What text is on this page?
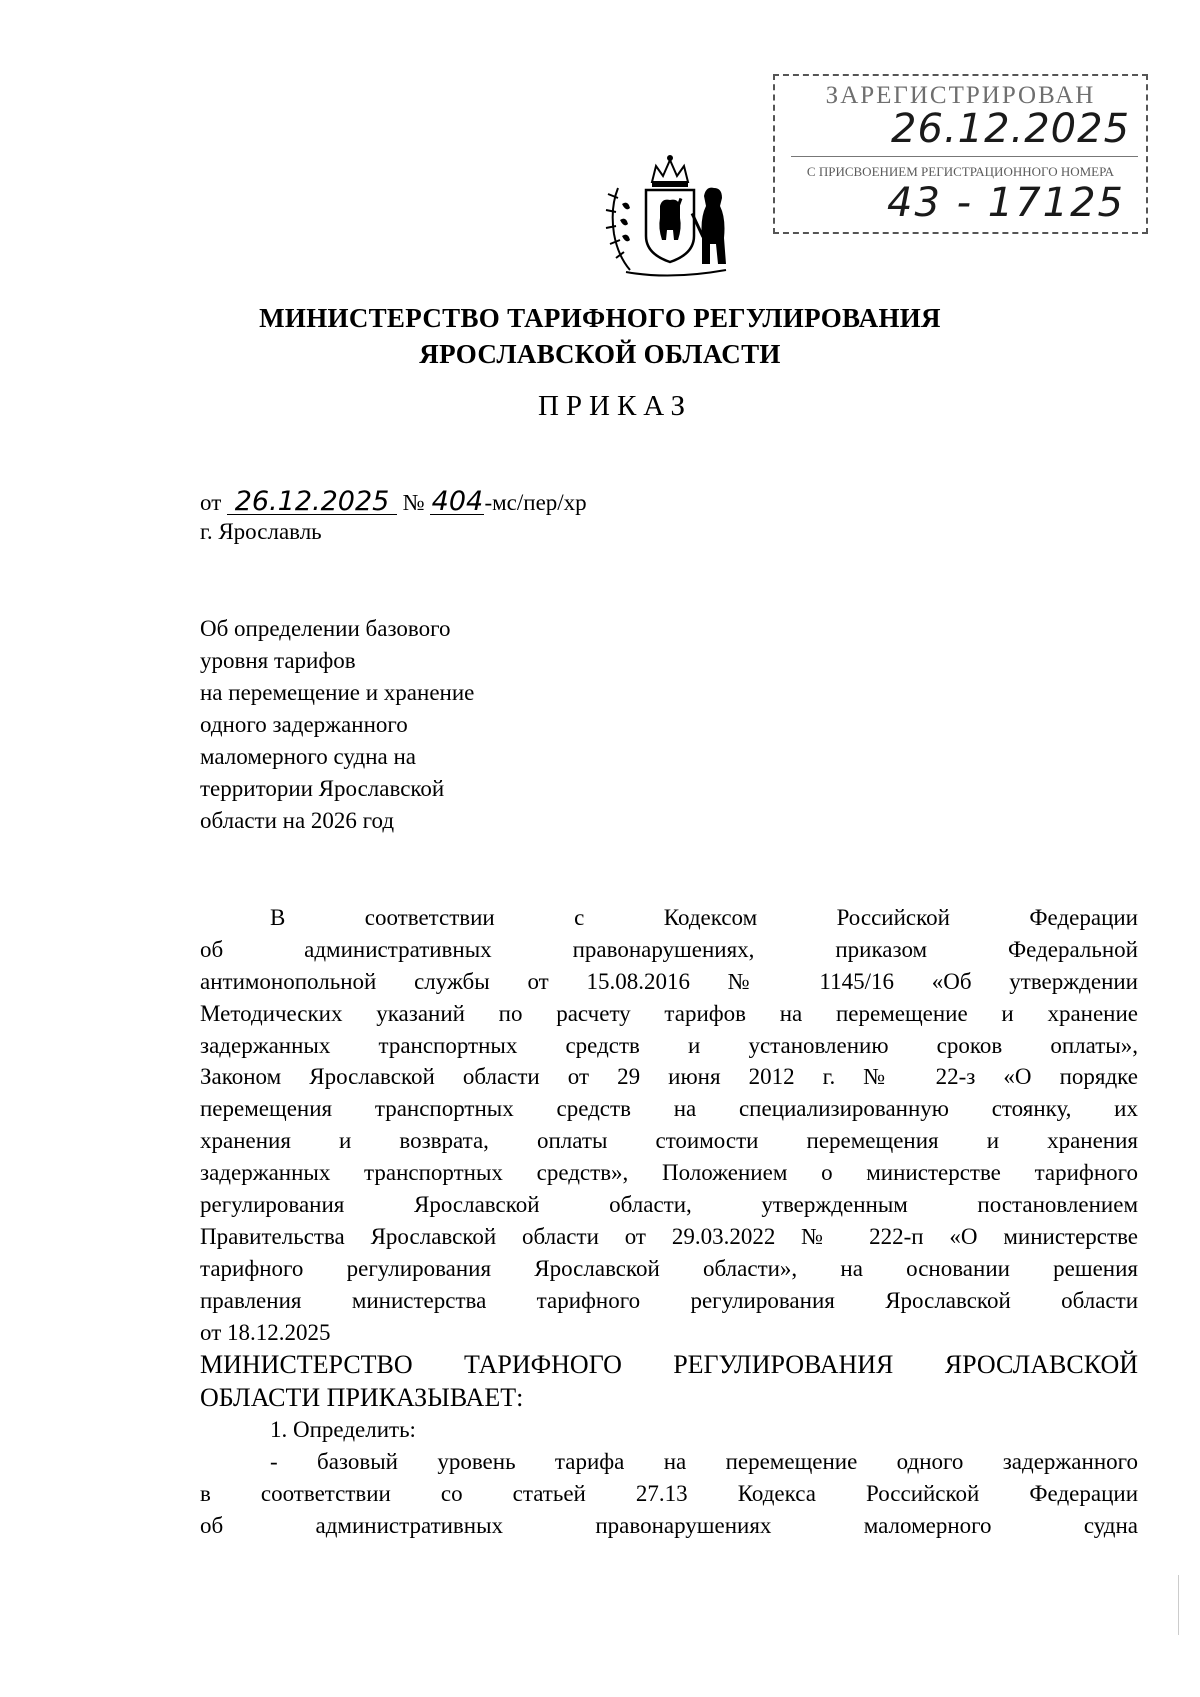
ЗАРЕГИСТРИРОВАН
26.12.2025
С ПРИСВОЕНИЕМ РЕГИСТРАЦИОННОГО НОМЕРА
43 - 17125
МИНИСТЕРСТВО ТАРИФНОГО РЕГУЛИРОВАНИЯ
ЯРОСЛАВСКОЙ ОБЛАСТИ
ПРИКАЗ
от 26.12.2025 № 404-мс/пер/хр
г. Ярославль
Об определении базового
уровня тарифов
на перемещение и хранение
одного задержанного
маломерного судна на
территории Ярославской
области на 2026 год
В соответствии с Кодексом Российской Федерации
об административных правонарушениях, приказом Федеральной
антимонопольной службы от 15.08.2016 № 1145/16 «Об утверждении
Методических указаний по расчету тарифов на перемещение и хранение
задержанных транспортных средств и установлению сроков оплаты»,
Законом Ярославской области от 29 июня 2012 г. № 22-з «О порядке
перемещения транспортных средств на специализированную стоянку, их
хранения и возврата, оплаты стоимости перемещения и хранения
задержанных транспортных средств», Положением о министерстве тарифного
регулирования Ярославской области, утвержденным постановлением
Правительства Ярославской области от 29.03.2022 № 222-п «О министерстве
тарифного регулирования Ярославской области», на основании решения
правления министерства тарифного регулирования Ярославской области
от 18.12.2025
МИНИСТЕРСТВО ТАРИФНОГО РЕГУЛИРОВАНИЯ ЯРОСЛАВСКОЙ
ОБЛАСТИ ПРИКАЗЫВАЕТ:
1. Определить:
- базовый уровень тарифа на перемещение одного задержанного
в соответствии со статьей 27.13 Кодекса Российской Федерации
об административных правонарушениях маломерного судна
